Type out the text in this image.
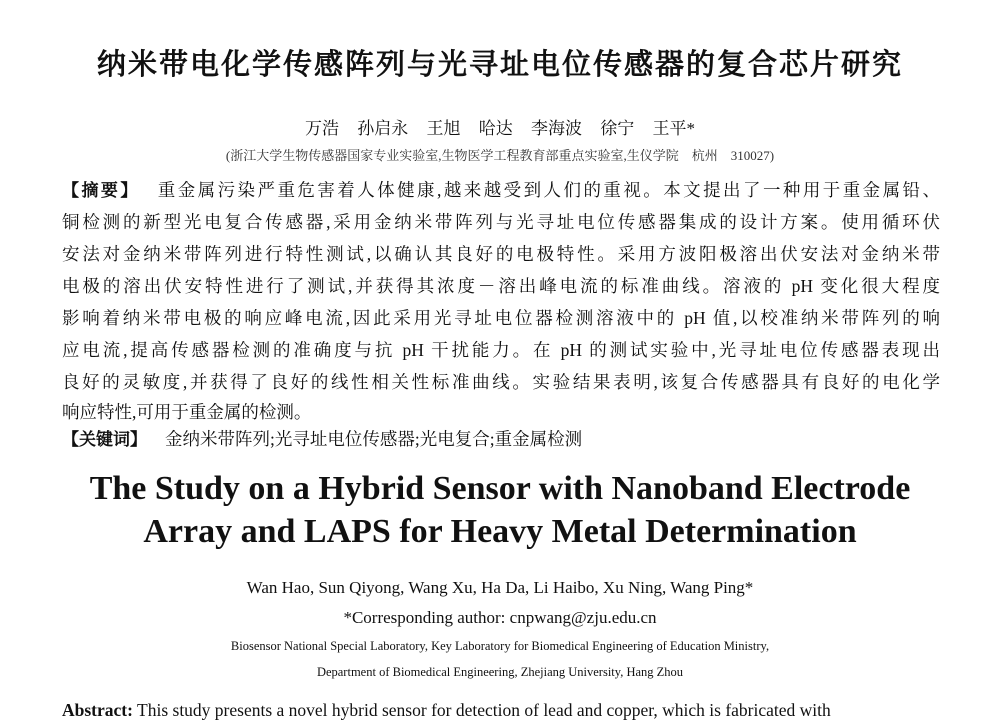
纳米带电化学传感阵列与光寻址电位传感器的复合芯片研究
万浩 孙启永 王旭 哈达 李海波 徐宁 王平*
(浙江大学生物传感器国家专业实验室,生物医学工程教育部重点实验室,生仪学院　杭州　310027)
【摘要】 重金属污染严重危害着人体健康,越来越受到人们的重视。本文提出了一种用于重金属铅、
铜检测的新型光电复合传感器,采用金纳米带阵列与光寻址电位传感器集成的设计方案。使用循环伏
安法对金纳米带阵列进行特性测试,以确认其良好的电极特性。采用方波阳极溶出伏安法对金纳米带
电极的溶出伏安特性进行了测试,并获得其浓度－溶出峰电流的标准曲线。溶液的 pH 变化很大程度
影响着纳米带电极的响应峰电流,因此采用光寻址电位器检测溶液中的 pH 值,以校准纳米带阵列的响
应电流,提高传感器检测的准确度与抗 pH 干扰能力。在 pH 的测试实验中,光寻址电位传感器表现出
良好的灵敏度,并获得了良好的线性相关性标准曲线。实验结果表明,该复合传感器具有良好的电化学
响应特性,可用于重金属的检测。
【关键词】 金纳米带阵列;光寻址电位传感器;光电复合;重金属检测
The Study on a Hybrid Sensor with Nanoband Electrode
Array and LAPS for Heavy Metal Determination
Wan Hao, Sun Qiyong, Wang Xu, Ha Da, Li Haibo, Xu Ning, Wang Ping*
*Corresponding author: cnpwang@zju.edu.cn
Biosensor National Special Laboratory, Key Laboratory for Biomedical Engineering of Education Ministry,
Department of Biomedical Engineering, Zhejiang University, Hang Zhou
Abstract: This study presents a novel hybrid sensor for detection of lead and copper, which is fabricated with
